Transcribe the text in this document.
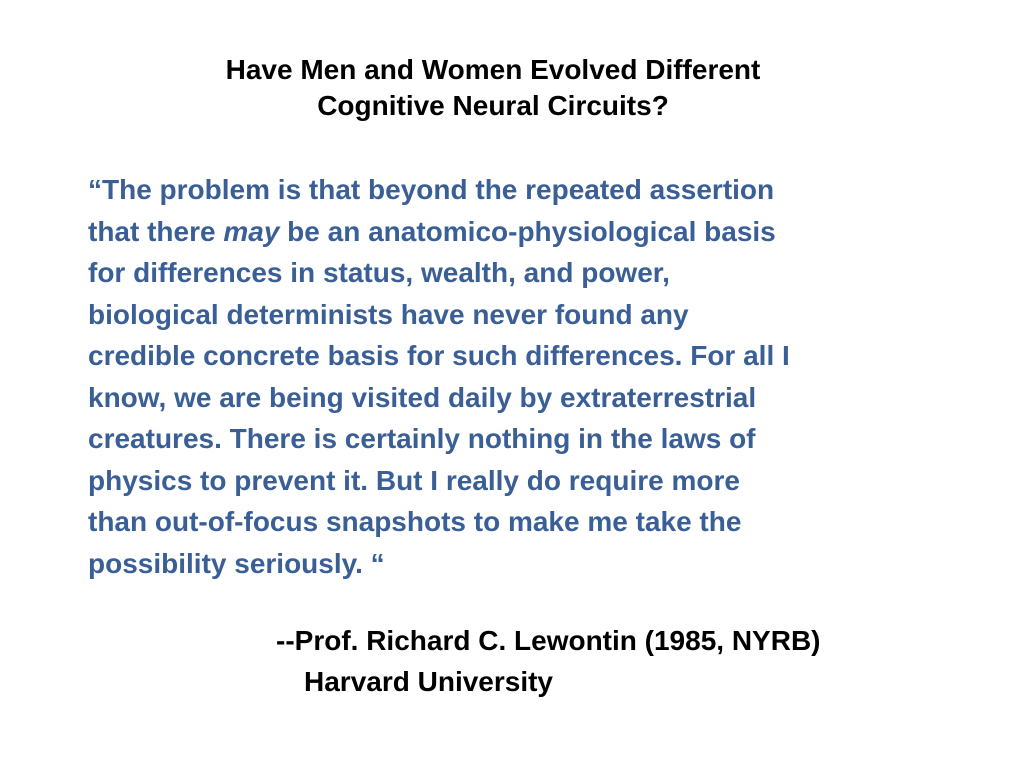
Have Men and Women Evolved Different
Cognitive Neural Circuits?
“The problem is that beyond the repeated assertion
that there may be an anatomico-physiological basis
for differences in status, wealth, and power,
biological determinists have never found any
credible concrete basis for such differences. For all I
know, we are being visited daily by extraterrestrial
creatures. There is certainly nothing in the laws of
physics to prevent it. But I really do require more
than out-of-focus snapshots to make me take the
possibility seriously. “
--Prof. Richard C. Lewontin (1985, NYRB)
Harvard University
